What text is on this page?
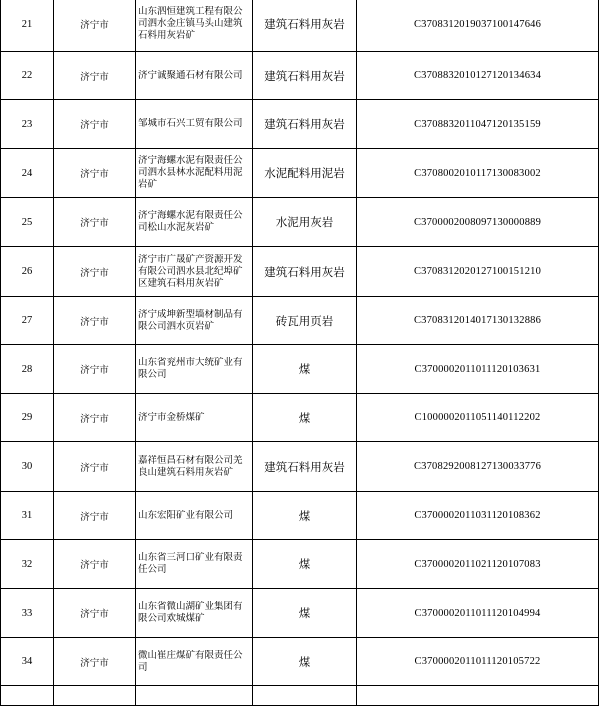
21	济宁市	山东泗恒建筑工程有限公司泗水金庄镇马头山建筑石料用灰岩矿	建筑石料用灰岩	C3708312019037100147646
22	济宁市	济宁诚聚通石材有限公司	建筑石料用灰岩	C3708832010127120134634
23	济宁市	邹城市石兴工贸有限公司	建筑石料用灰岩	C3708832011047120135159
24	济宁市	济宁海螺水泥有限责任公司泗水县林水泥配料用泥岩矿	水泥配料用泥岩	C3708002010117130083002
25	济宁市	济宁海螺水泥有限责任公司松山水泥灰岩矿	水泥用灰岩	C3700002008097130000889
26	济宁市	济宁市广晟矿产资源开发有限公司泗水县北纪埠矿区建筑石料用灰岩矿	建筑石料用灰岩	C3708312020127100151210
27	济宁市	济宁成坤新型墙材制品有限公司泗水页岩矿	砖瓦用页岩	C3708312014017130132886
28	济宁市	山东省兖州市大统矿业有限公司	煤	C3700002011011120103631
29	济宁市	济宁市金桥煤矿	煤	C1000002011051140112202
30	济宁市	嘉祥恒昌石材有限公司羌良山建筑石料用灰岩矿	建筑石料用灰岩	C3708292008127130033776
31	济宁市	山东宏阳矿业有限公司	煤	C3700002011031120108362
32	济宁市	山东省三河口矿业有限责任公司	煤	C3700002011021120107083
33	济宁市	山东省微山湖矿业集团有限公司欢城煤矿	煤	C3700002011011120104994
34	济宁市	微山崔庄煤矿有限责任公司	煤	C3700002011011120105722
